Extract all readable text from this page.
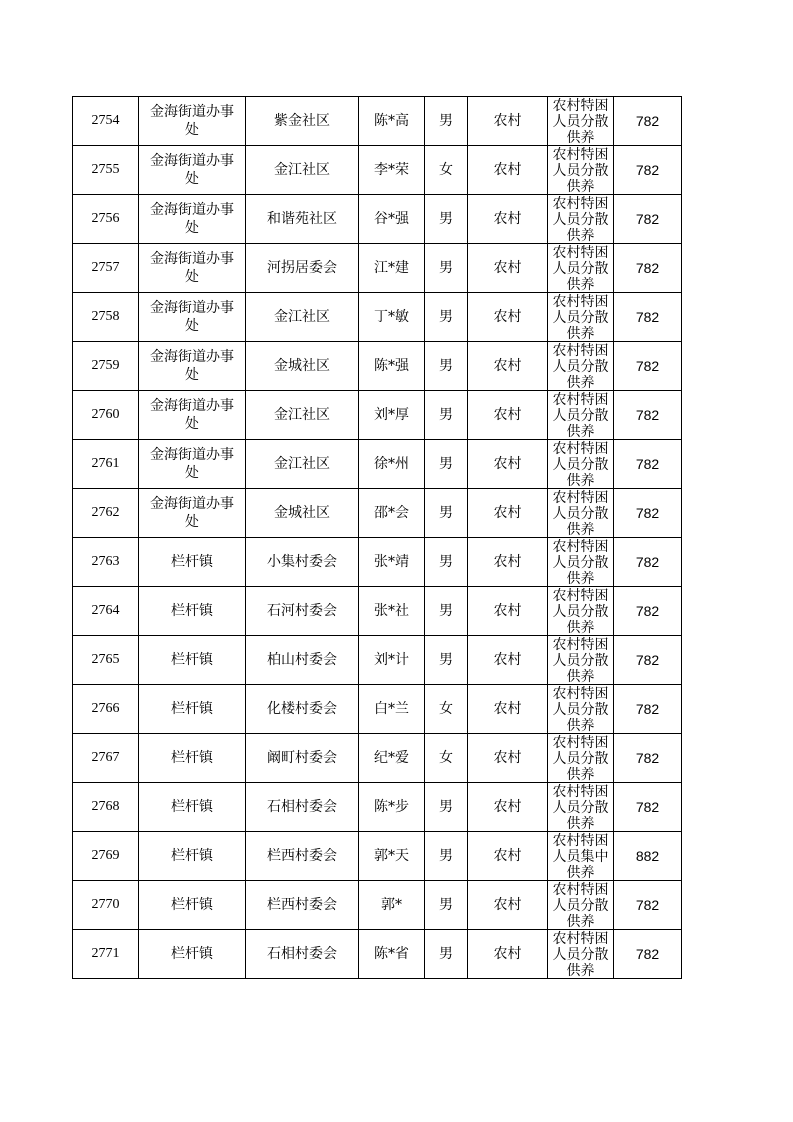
2754	金海街道办事处	紫金社区	陈*高	男	农村	农村特困人员分散供养	782
2755	金海街道办事处	金江社区	李*荣	女	农村	农村特困人员分散供养	782
2756	金海街道办事处	和谐苑社区	谷*强	男	农村	农村特困人员分散供养	782
2757	金海街道办事处	河拐居委会	江*建	男	农村	农村特困人员分散供养	782
2758	金海街道办事处	金江社区	丁*敏	男	农村	农村特困人员分散供养	782
2759	金海街道办事处	金城社区	陈*强	男	农村	农村特困人员分散供养	782
2760	金海街道办事处	金江社区	刘*厚	男	农村	农村特困人员分散供养	782
2761	金海街道办事处	金江社区	徐*州	男	农村	农村特困人员分散供养	782
2762	金海街道办事处	金城社区	邵*会	男	农村	农村特困人员分散供养	782
2763	栏杆镇	小集村委会	张*靖	男	农村	农村特困人员分散供养	782
2764	栏杆镇	石河村委会	张*社	男	农村	农村特困人员分散供养	782
2765	栏杆镇	柏山村委会	刘*计	男	农村	农村特困人员分散供养	782
2766	栏杆镇	化楼村委会	白*兰	女	农村	农村特困人员分散供养	782
2767	栏杆镇	阚町村委会	纪*爱	女	农村	农村特困人员分散供养	782
2768	栏杆镇	石相村委会	陈*步	男	农村	农村特困人员分散供养	782
2769	栏杆镇	栏西村委会	郭*天	男	农村	农村特困人员集中供养	882
2770	栏杆镇	栏西村委会	郭*	男	农村	农村特困人员分散供养	782
2771	栏杆镇	石相村委会	陈*省	男	农村	农村特困人员分散供养	782
